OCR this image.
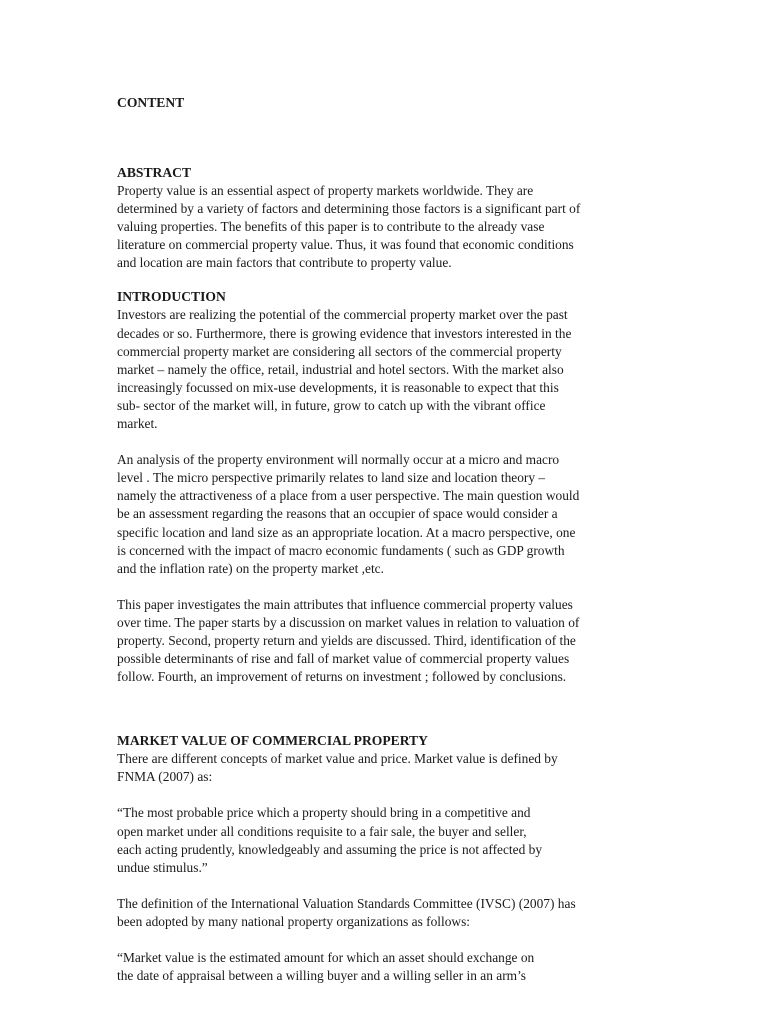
CONTENT
ABSTRACT

Property value is an essential aspect of property markets worldwide. They are
determined by a variety of factors and determining those factors is a significant part of
valuing properties. The benefits of this paper is to contribute to the already vase
literature on commercial property value. Thus, it was found that economic conditions
and location are main factors that contribute to property value.

INTRODUCTION

Investors are realizing the potential of the commercial property market over the past
decades or so. Furthermore, there is growing evidence that investors interested in the
commercial property market are considering all sectors of the commercial property
market – namely the office, retail, industrial and hotel sectors. With the market also
increasingly focussed on mix-use developments, it is reasonable to expect that this
sub- sector of the market will, in future, grow to catch up with the vibrant office
market.

An analysis of the property environment will normally occur at a micro and macro
level . The micro perspective primarily relates to land size and location theory –
namely the attractiveness of a place from a user perspective. The main question would
be an assessment regarding the reasons that an occupier of space would consider a
specific location and land size as an appropriate location. At a macro perspective, one
is concerned with the impact of macro economic fundaments ( such as GDP growth
and the inflation rate) on the property market ,etc.

This paper investigates the main attributes that influence commercial property values
over time. The paper starts by a discussion on market values in relation to valuation of
property. Second, property return and yields are discussed. Third, identification of the
possible determinants of rise and fall of market value of commercial property values
follow. Fourth, an improvement of returns on investment ; followed by conclusions.

MARKET VALUE OF COMMERCIAL PROPERTY

There are different concepts of market value and price. Market value is defined by
FNMA (2007) as:

“The most probable price which a property should bring in a competitive and
open market under all conditions requisite to a fair sale, the buyer and seller,
each acting prudently, knowledgeably and assuming the price is not affected by
undue stimulus.”

The definition of the International Valuation Standards Committee (IVSC) (2007) has
been adopted by many national property organizations as follows:

“Market value is the estimated amount for which an asset should exchange on
the date of appraisal between a willing buyer and a willing seller in an arm’s
